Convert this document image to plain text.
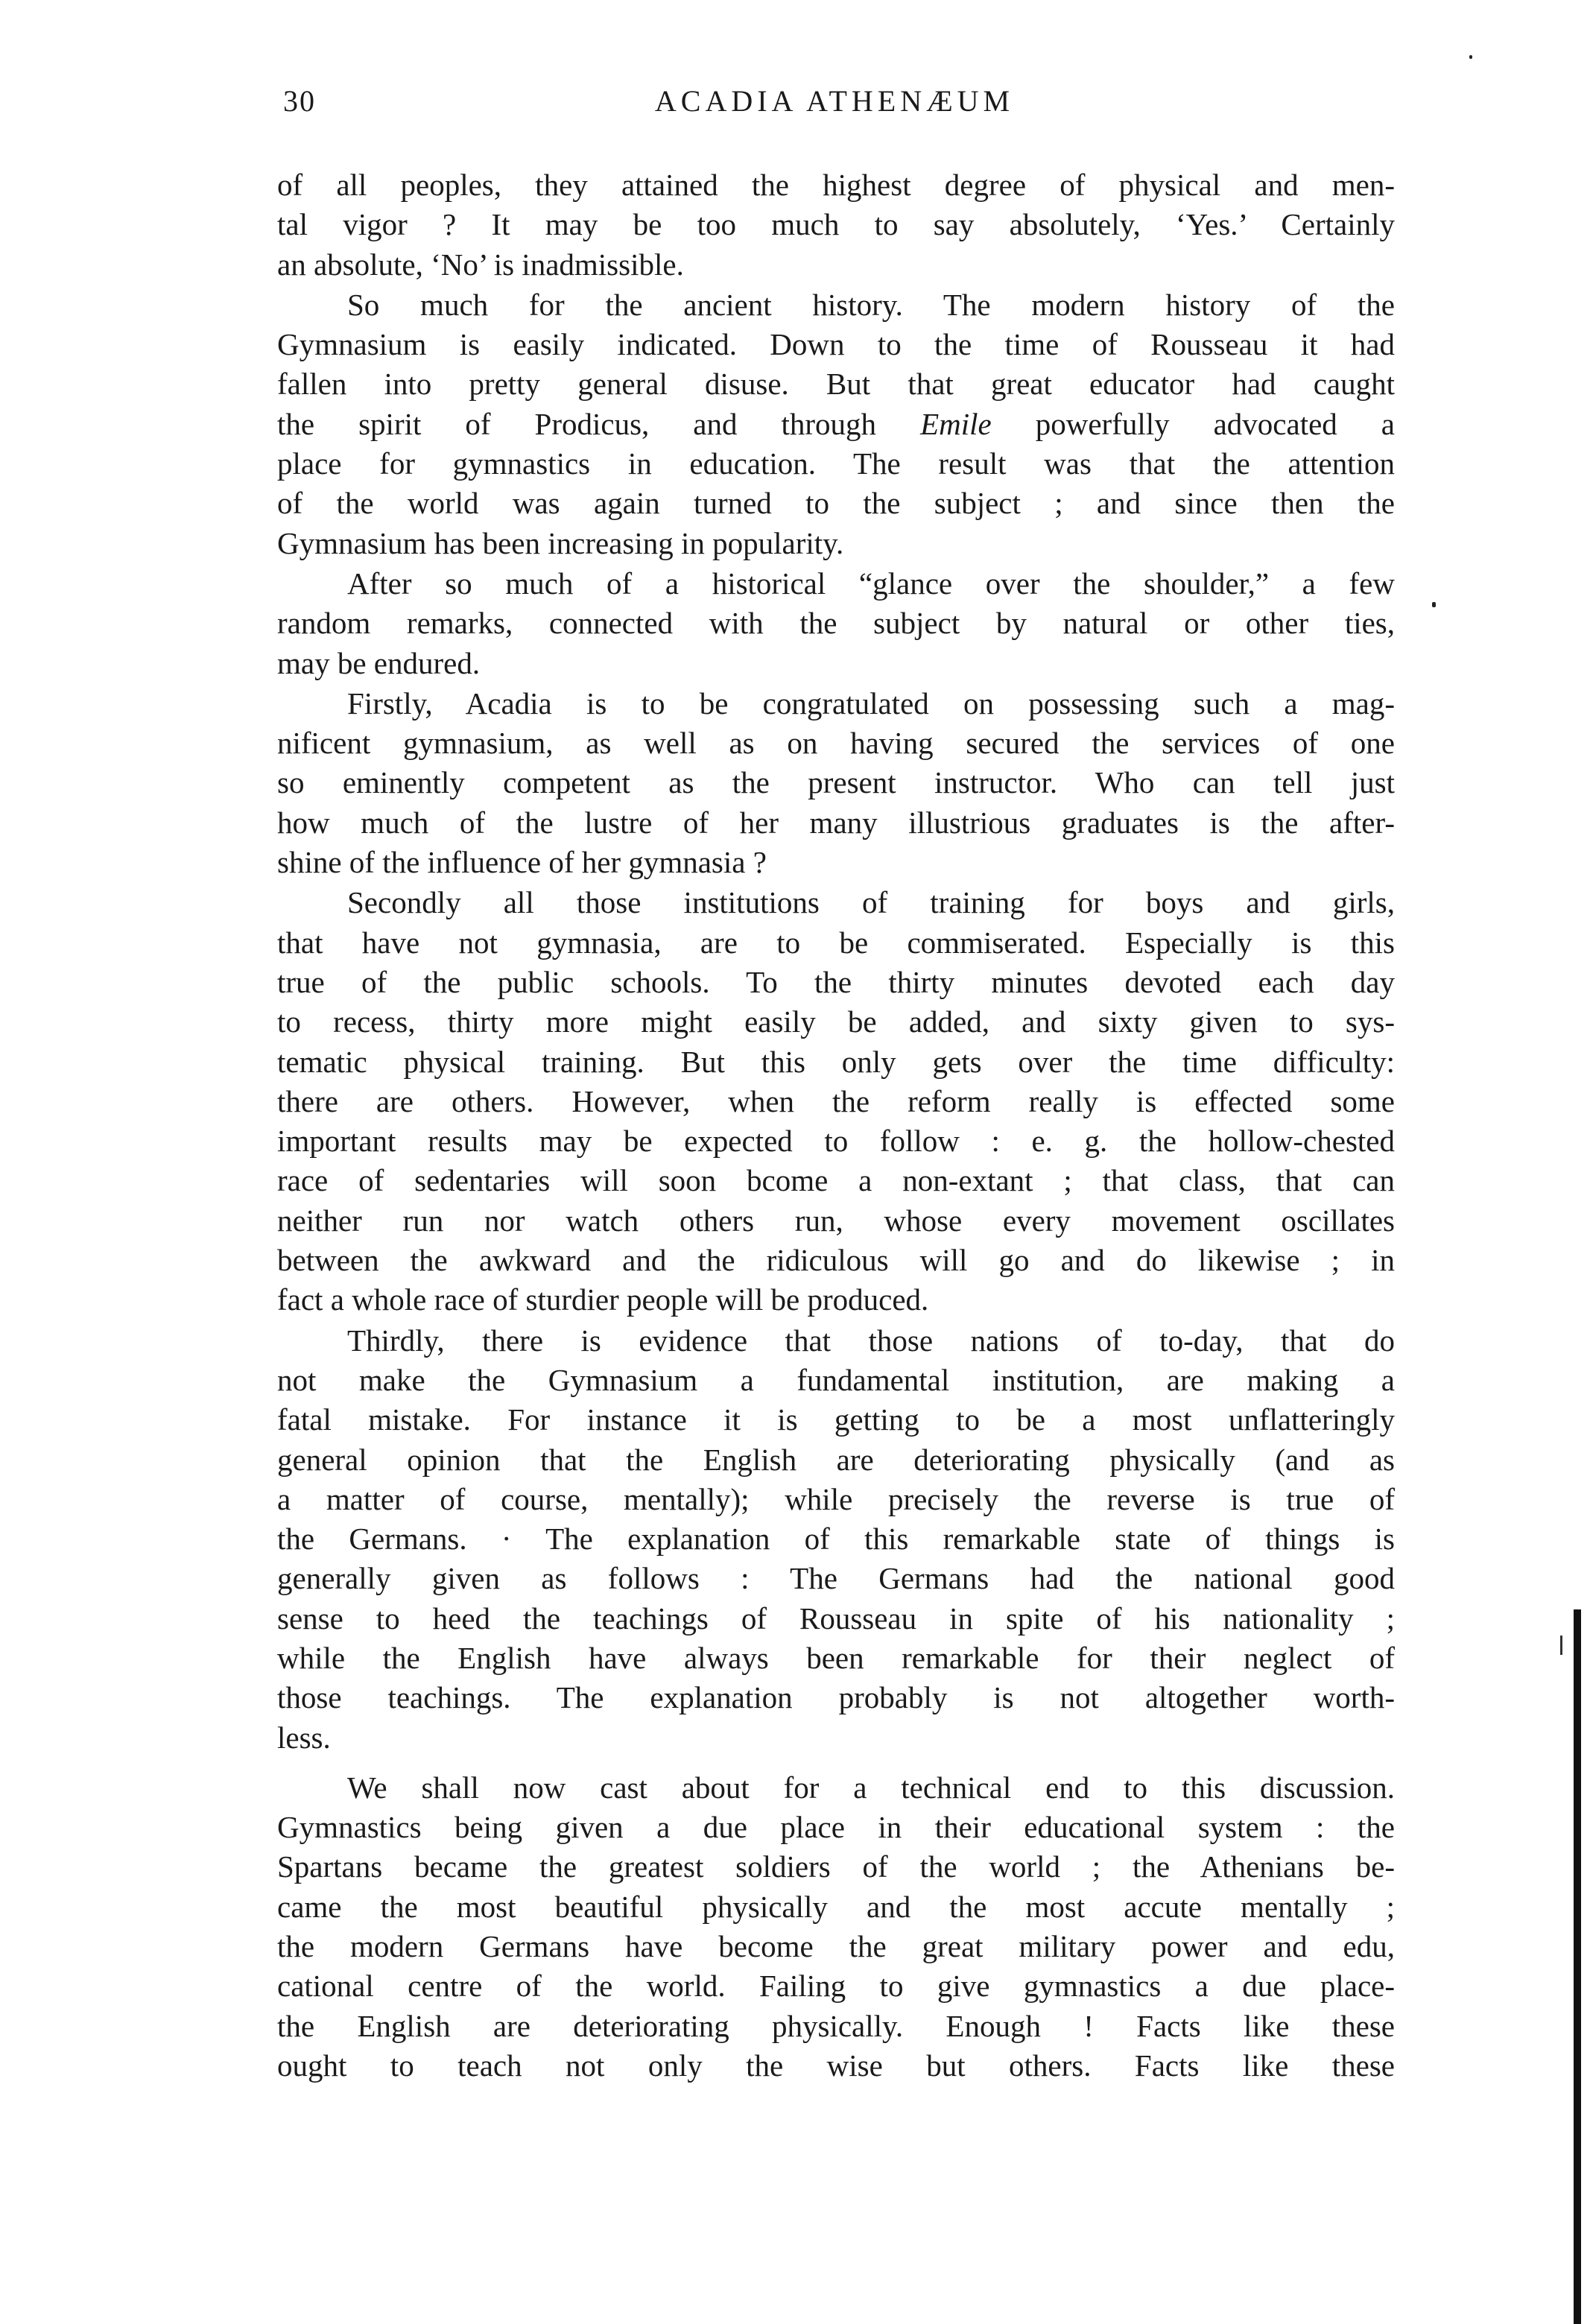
30	ACADIA ATHENÆUM

of all peoples, they attained the highest degree of physical and men-
tal vigor ? It may be too much to say absolutely, ‘Yes.’ Certainly
an absolute, ‘No’ is inadmissible.

So much for the ancient history. The modern history of the
Gymnasium is easily indicated. Down to the time of Rousseau it had
fallen into pretty general disuse. But that great educator had caught
the spirit of Prodicus, and through Emile powerfully advocated a
place for gymnastics in education. The result was that the attention
of the world was again turned to the subject ; and since then the
Gymnasium has been increasing in popularity.

After so much of a historical “glance over the shoulder,” a few
random remarks, connected with the subject by natural or other ties,
may be endured.

Firstly, Acadia is to be congratulated on possessing such a mag-
nificent gymnasium, as well as on having secured the services of one
so eminently competent as the present instructor. Who can tell just
how much of the lustre of her many illustrious graduates is the after-
shine of the influence of her gymnasia ?

Secondly all those institutions of training for boys and girls,
that have not gymnasia, are to be commiserated. Especially is this
true of the public schools. To the thirty minutes devoted each day
to recess, thirty more might easily be added, and sixty given to sys-
tematic physical training. But this only gets over the time difficulty:
there are others. However, when the reform really is effected some
important results may be expected to follow : e. g. the hollow-chested
race of sedentaries will soon bcome a non-extant ; that class, that can
neither run nor watch others run, whose every movement oscillates
between the awkward and the ridiculous will go and do likewise ; in
fact a whole race of sturdier people will be produced.

Thirdly, there is evidence that those nations of to-day, that do
not make the Gymnasium a fundamental institution, are making a
fatal mistake. For instance it is getting to be a most unflatteringly
general opinion that the English are deteriorating physically (and as
a matter of course, mentally); while precisely the reverse is true of
the Germans. · The explanation of this remarkable state of things is
generally given as follows : The Germans had the national good
sense to heed the teachings of Rousseau in spite of his nationality ;
while the English have always been remarkable for their neglect of
those teachings. The explanation probably is not altogether worth-
less.

We shall now cast about for a technical end to this discussion.
Gymnastics being given a due place in their educational system : the
Spartans became the greatest soldiers of the world ; the Athenians be-
came the most beautiful physically and the most accute mentally ;
the modern Germans have become the great military power and edu,
cational centre of the world. Failing to give gymnastics a due place-
the English are deteriorating physically. Enough ! Facts like these
ought to teach not only the wise but others. Facts like these
